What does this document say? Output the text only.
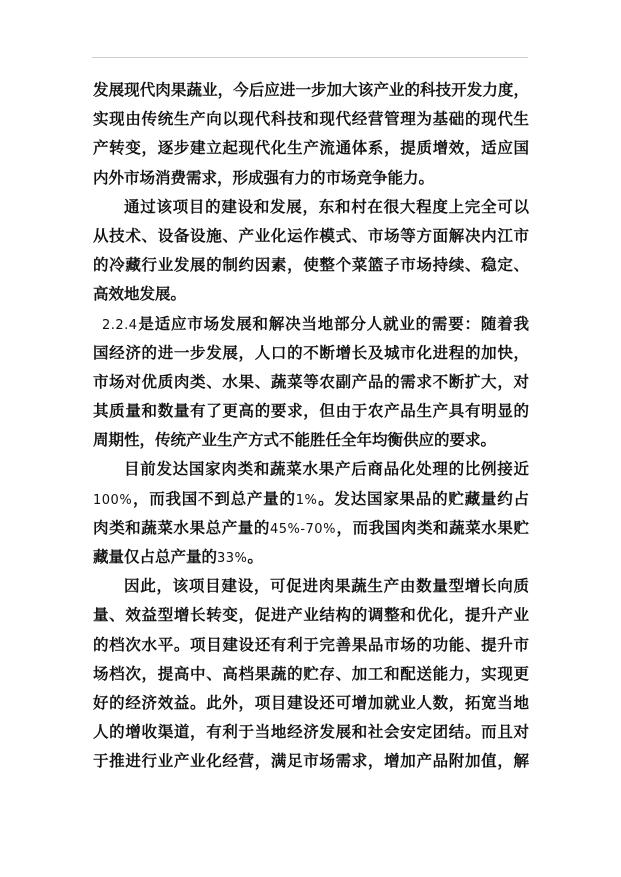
发展现代肉果蔬业，今后应进一步加大该产业的科技开发力度，
实现由传统生产向以现代科技和现代经营管理为基础的现代生
产转变，逐步建立起现代化生产流通体系，提质增效，适应国
内外市场消费需求，形成强有力的市场竞争能力。
通过该项目的建设和发展，东和村在很大程度上完全可以
从技术、设备设施、产业化运作模式、市场等方面解决内江市
的冷藏行业发展的制约因素，使整个菜篮子市场持续、稳定、
高效地发展。
2.2.4是适应市场发展和解决当地部分人就业的需要：随着我
国经济的进一步发展，人口的不断增长及城市化进程的加快，
市场对优质肉类、水果、蔬菜等农副产品的需求不断扩大，对
其质量和数量有了更高的要求，但由于农产品生产具有明显的
周期性，传统产业生产方式不能胜任全年均衡供应的要求。
目前发达国家肉类和蔬菜水果产后商品化处理的比例接近
100%，而我国不到总产量的1%。发达国家果品的贮藏量约占
肉类和蔬菜水果总产量的45%-70%，而我国肉类和蔬菜水果贮
藏量仅占总产量的33%。
因此，该项目建设，可促进肉果蔬生产由数量型增长向质
量、效益型增长转变，促进产业结构的调整和优化，提升产业
的档次水平。项目建设还有利于完善果品市场的功能、提升市
场档次，提高中、高档果蔬的贮存、加工和配送能力，实现更
好的经济效益。此外，项目建设还可增加就业人数，拓宽当地
人的增收渠道，有利于当地经济发展和社会安定团结。而且对
于推进行业产业化经营，满足市场需求，增加产品附加值，解
